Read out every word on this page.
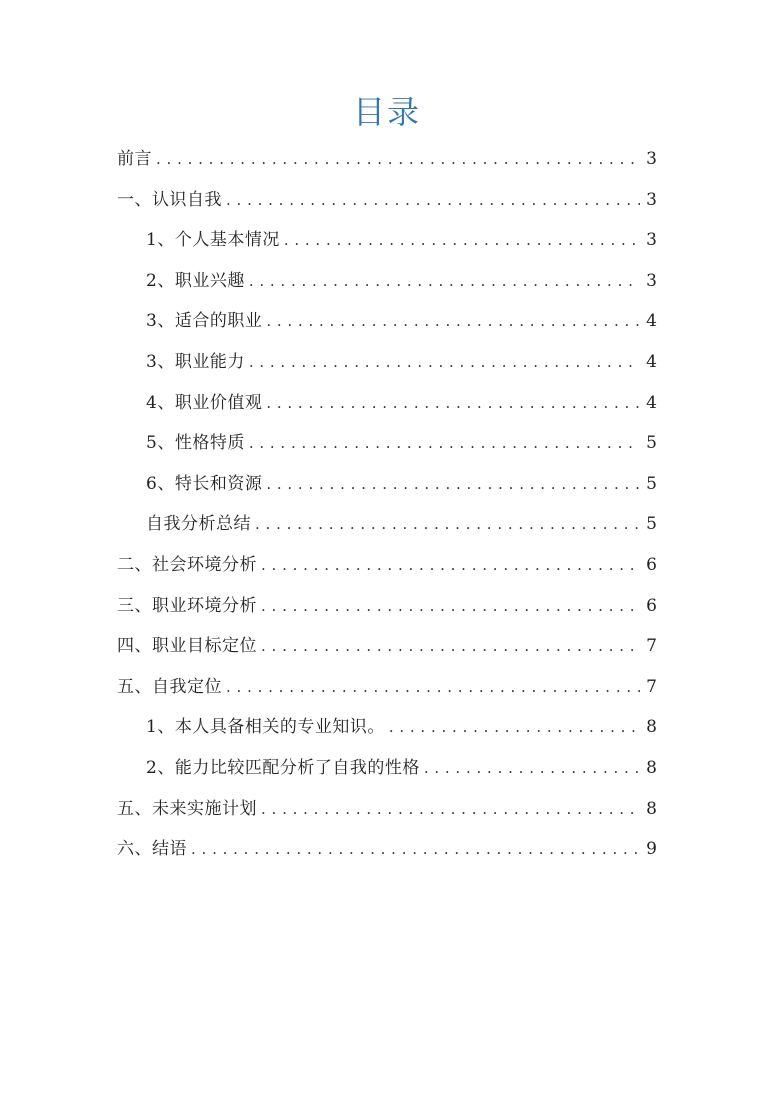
目录
前言 . . .	3
一、认识自我 . . .	3
1、个人基本情况 . . .	3
2、职业兴趣 . . .	3
3、适合的职业 . . .	4
3、职业能力 . . .	4
4、职业价值观 . . .	4
5、性格特质 . . .	5
6、特长和资源 . . .	5
自我分析总结 . . .	5
二、社会环境分析 . . .	6
三、职业环境分析 . . .	6
四、职业目标定位 . . .	7
五、自我定位 . . .	7
1、本人具备相关的专业知识。 . . .	8
2、能力比较匹配分析了自我的性格 . . .	8
五、未来实施计划 . . .	8
六、结语 . . .	9
